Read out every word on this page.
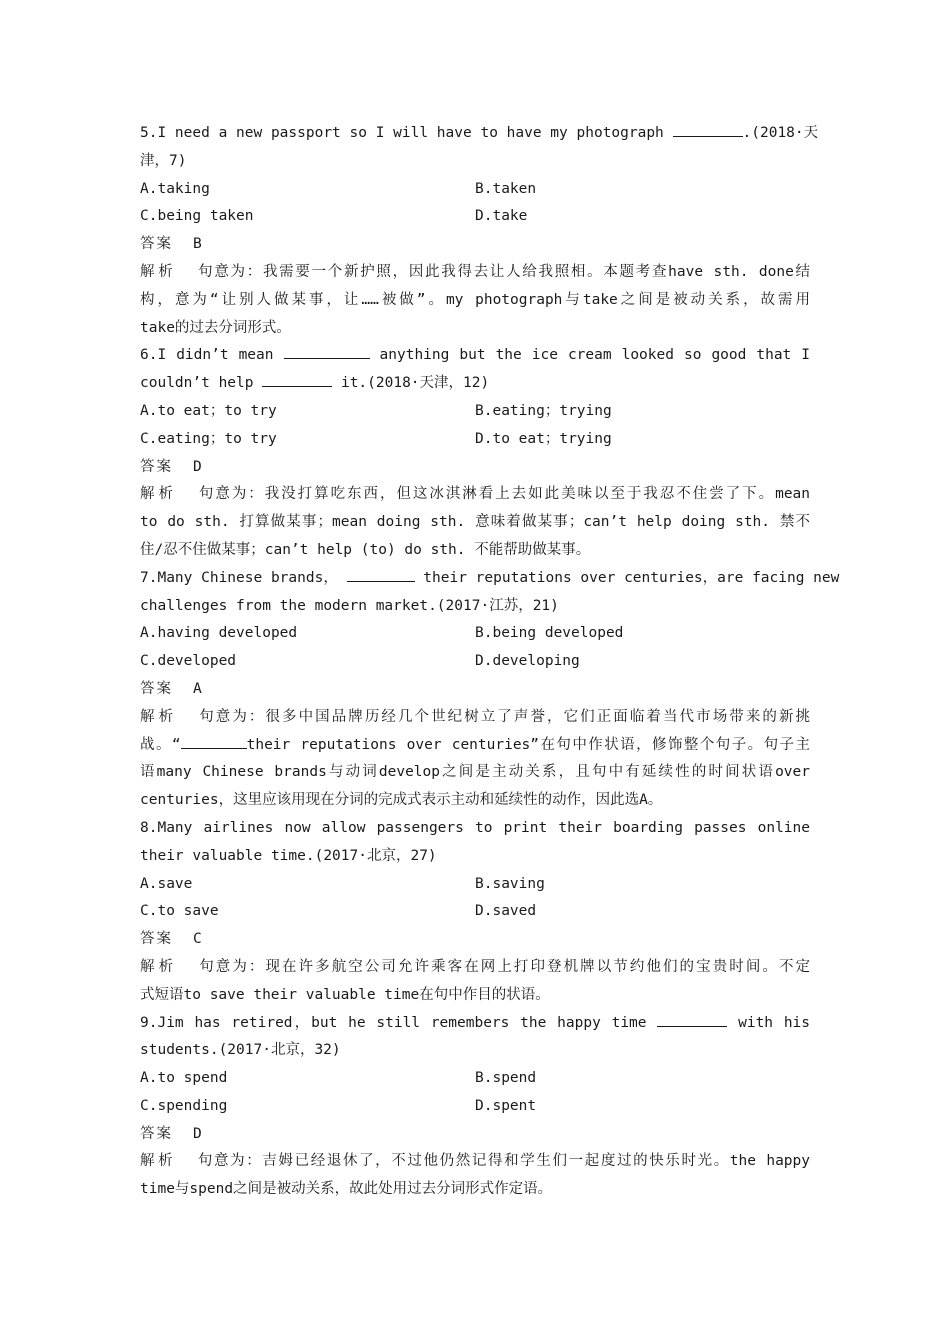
5.I need a new passport so I will have to have my photograph	.(2018·天
津，7)
A.taking	B.taken
C.being taken	D.take
答案 B
解析 句意为：我需要一个新护照，因此我得去让人给我照相。本题考查have sth. done结
构，意为“让别人做某事，让……被做”。my photograph与take之间是被动关系，故需用
take的过去分词形式。
6.I didn’t mean	anything but the ice cream looked so good that I
couldn’t help	it.(2018·天津，12)
A.to eat；to try	B.eating；trying
C.eating；to try	D.to eat；trying
答案 D
解析 句意为：我没打算吃东西，但这冰淇淋看上去如此美味以至于我忍不住尝了下。mean
to do sth. 打算做某事；mean doing sth. 意味着做某事；can’t help doing sth. 禁不
住/忍不住做某事；can’t help (to) do sth. 不能帮助做某事。
7.Many Chinese brands，	their reputations over centuries，are facing new
challenges from the modern market.(2017·江苏，21)
A.having developed	B.being developed
C.developed	D.developing
答案 A
解析 句意为：很多中国品牌历经几个世纪树立了声誉，它们正面临着当代市场带来的新挑
战。“	their reputations over centuries”在句中作状语，修饰整个句子。句子主
语many Chinese brands与动词develop之间是主动关系，且句中有延续性的时间状语over
centuries，这里应该用现在分词的完成式表示主动和延续性的动作，因此选A。
8.Many airlines now allow passengers to print their boarding passes online
their valuable time.(2017·北京，27)
A.save	B.saving
C.to save	D.saved
答案 C
解析 句意为：现在许多航空公司允许乘客在网上打印登机牌以节约他们的宝贵时间。不定
式短语to save their valuable time在句中作目的状语。
9.Jim has retired，but he still remembers the happy time	with his
students.(2017·北京，32)
A.to spend	B.spend
C.spending	D.spent
答案 D
解析 句意为：吉姆已经退休了，不过他仍然记得和学生们一起度过的快乐时光。the happy
time与spend之间是被动关系，故此处用过去分词形式作定语。
